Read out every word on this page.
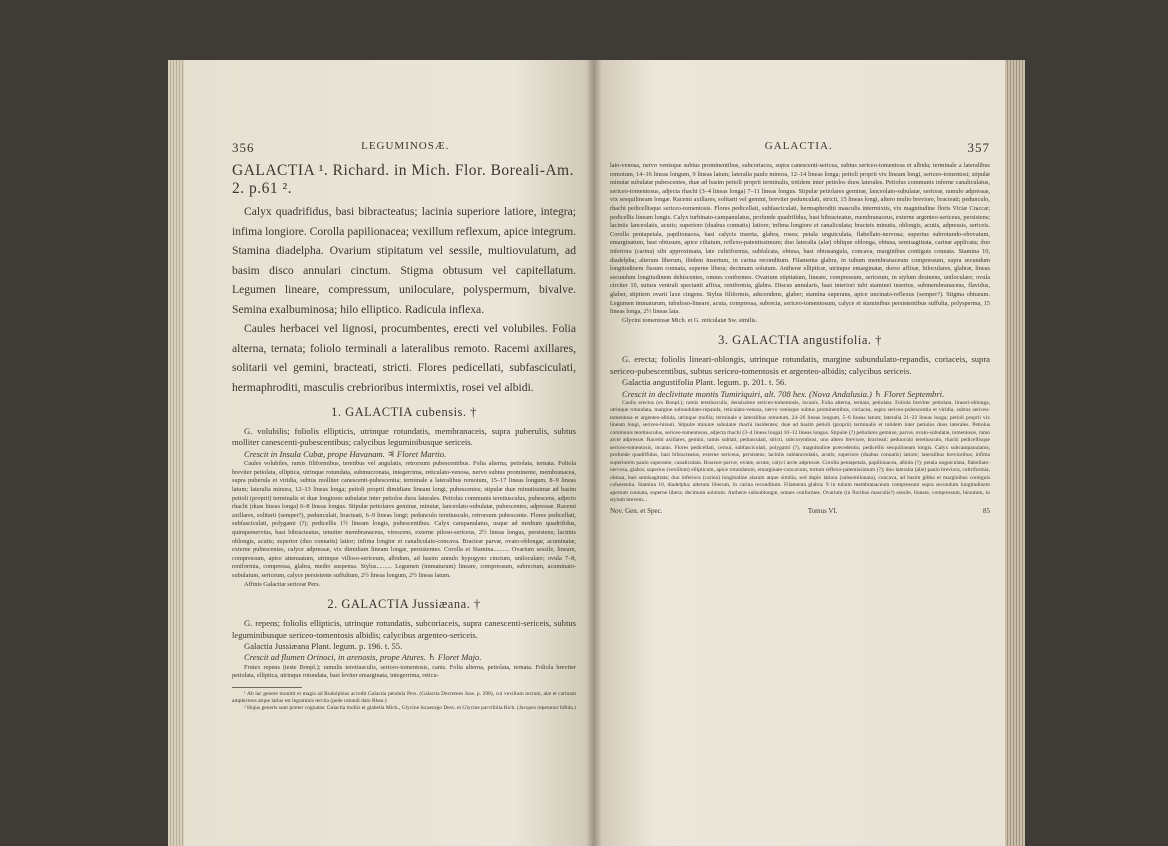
356	LEGUMINOSÆ.
GALACTIA ¹. Richard. in Mich. Flor. Boreali-Am. 2. p.61 ².

Calyx quadrifidus, basi bibracteatus; lacinia superiore latiore, integra; infima longiore. Corolla papilionacea; vexillum reflexum, apice integrum. Stamina diadelpha. Ovarium stipitatum vel sessile, multiovulatum, ad basim disco annulari cinctum. Stigma obtusum vel capitellatum. Legumen lineare, compressum, uniloculare, polyspermum, bivalve. Semina exalbuminosa; hilo elliptico. Radicula inflexa.

Caules herbacei vel lignosi, procumbentes, erecti vel volubiles. Folia alterna, ternata; foliolo terminali a lateralibus remoto. Racemi axillares, solitarii vel gemini, bracteati, stricti. Flores pedicellati, subfasciculati, hermaphroditi, masculis crebrioribus intermixtis, rosei vel albidi.

1. GALACTIA cubensis. †

G. volubilis; foliolis ellipticis, utrinque rotundatis, membranaceis, supra puberulis, subtus molliter canescenti-pubescentibus; calycibus leguminibusque sericeis.

Crescit in Insula Cubæ, prope Havanam. ♃ Floret Martio.

Caules volubiles, ramis filiformibus, teretibus vel angulatis, retrorsum pubescentibus. Folia alterna, petiolata, ternata. Foliola breviter petiolata, elliptica, utrinque rotundata, submucronata, integerrima, reticulato-venosa, nervo subtus prominente, membranacea, supra puberula et viridia, subtus molliter canescenti-pubescentia; terminale a lateralibus remotum, 15–17 lineas longum, 8–9 lineas latum; lateralia minora, 12–13 lineas longa; petioli proprii dimidiam lineam longi, pubescentes; stipulæ duæ minutissimæ ad basim petioli (proprii) terminalis et duæ longiores subulatæ inter petiolos duos laterales. Petiolus communis teretiusculus, pubescens, adjecto rhachi (duas lineas longa) 6–8 lineas longus. Stipulæ petiolares geminæ, minutæ, lanceolato-subulatæ, pubescentes, adpressæ. Racemi axillares, solitarii (semper?), pedunculati, bracteati, 6–9 lineas longi; pedunculo teretiusculo, retrorsum pubescente. Flores pedicellati, subfasciculati, polygami (?); pedicellis 1½ lineam longis, pubescentibus. Calyx campanulatus, usque ad medium quadrifidus, quinquenervius, basi bibracteatus, tenuiter membranaceus, virescens, externe piloso-sericeus, 2½ lineas longus, persistens; laciniis oblongis, acutis; superior (duo connatis) latior; infima longior et canaliculato-concava. Bracteæ parvæ, ovato-oblongæ, acuminatæ, externe pubescentes, calyce adpressæ, vix dimidiam lineam longæ, persistentes. Corolla et Stamina.......... Ovarium sessile, lineare, compressum, apice attenuatum, utrinque villoso-sericeum, albidum, ad basim annulo hypogyno cinctum, uniloculare; ovula 7–8, reniformia, compressa, glabra, medio suspensa. Stylus.......... Legumen (immaturum) lineare, compressum, subrectum, acuminato-subulatum, sericeum, calyce persistente suffultum, 2½ lineas longum, 2½ lineas latum.

Affinis Galactiæ sericeæ Pers.

2. GALACTIA Jussiæana. †

G. repens; foliolis ellipticis, utrinque rotundatis, subcoriaceis, supra canescenti-sericeis, subtus leguminibusque sericeo-tomentosis albidis; calycibus argenteo-sericeis.

Galactia Jussiæana Plant. legum. p. 196. t. 55.

Crescit ad flumen Orinoci, in arenosis, prope Atures. ♄ Floret Majo.

Frutex repens (teste Bonpl.); ramulis teretiusculis, sericeo-tomentosis, canis. Folia alterna, petiolata, ternata. Foliola breviter petiolata, elliptica, utrinque rotundata, basi leviter emarginata, integerrima, reticu-

¹ Ab lac genere monitit et magis ad Rudolphias accedit Galactia pendula Pers. (Galactia Decremes Juss. p. 298), cui vexillum rectum, alæ et carinam amplectens atque latius est leguminis terctia (pede rotundi dato Rhea.)

² Hujus generis sunt præter cognatas: Galactia mollis et glabella Mich., Glycine lucaenrgo Desv. et Glycine parvifolia Rich. (Jacques repetunur bifida.)

GALACTIA.	357

lato-venosa, nervo venisque subtus prominentibus, subcoriacea, supra canescenti-sericea, subtus sericeo-tomentosa et albida; terminale a lateralibus remotum, 14–16 lineas longum, 9 lineas latum; lateralia paulo minora, 12–14 lineas longa; petioli proprii vix lineam longi, sericeo-tomentosi; stipulæ minutæ subulatæ pubescentes, duæ ad basim petioli proprii terminalis, totidem inter petiolos duos laterales. Petiolus communis inferne canaliculatus, sericeo-tomentosus, adjecta rhachi (3–4 lineas longa) 7–11 lineas longus. Stipulæ petiolares geminæ, lanceolato-subulatæ, sericeæ, ramulo adpressæ, vix sesquilineam longæ. Racemi axillares, solitarii vel gemini, breviter pedunculati, stricti, 15 lineas longi, altero multo breviore, bracteati; pedunculo, rhachi pedicellisque sericeo-tomentosis. Flores pedicellati, subfasciculati, hermaphroditi masculis intermixtis, vix magnitudine floris Viciæ Craccæ; pedicellis lineam longis. Calyx turbinato-campanulatus, profunde quadrifidus, basi bibracteatus, membranaceus, externe argenteo-sericeus, persistens; laciniis lanceolatis, acutis; superiore (duabus connatis) latiore; infima longiore et canaliculata; bracteis minutis, oblongis, acutis, adpressis, sericeis. Corolla pentapetala, papilionacea, basi calycis inserta, glabra, rosea; petala unguiculata, flabellato-nervosa; superius subrotundo-obovatum, emarginatum, basi obtusum, apice ciliatum, reflexo-patentissimum; duo lateralia (alæ) oblique oblonga, obtusa, semisagittata, carinæ applicata; duo inferiora (carina) sibi approximata, late cultriformia, subfalcata, obtusa, basi obtusangula, concava, marginibus contiguis connata. Stamina 10, diadelpha; alterum liberum, ibidem insertum, in carina reconditum. Filamenta glabra, in tubum membranaceum compressum, supra secundum longitudinem fissum connata, superne libera; decimum solutum. Antheræ ellipticæ, utrinque emarginatæ, dorso affixæ, biloculares, glabræ, lineas secundum longitudinem dehiscentes, omnes conformes. Ovarium stipitatum, lineare, compressum, sericeum, in stylum desinens, uniloculare; ovula circiter 10, sutura ventrali spectanti affixa, reniformia, glabra. Discus annularis, basi interiori tubi staminei insertus, submembranaceus, flavidus, glaber, stipitem ovarii laxe cingens. Stylus filiformis, adscendens, glaber; stamina superans, apice uncinato-reflexus (semper?). Stigma obtusum. Legumen immaturum, tubuloso-lineare, acuta, compressa, subrecta, sericeo-tomentosum, calyce et staminibus persistentibus suffulta, polysperma, 15 lineas longa, 2½ lineas lata.

Glycini tomentosæ Mich. et G. reticulatæ Sw. similis.

3. GALACTIA angustifolia. †

G. erecta; foliolis lineari-oblongis, utrinque rotundatis, margine subundulato-repandis, coriaceis, supra sericeo-pubescentibus, subtus sericeo-tomentosis et argenteo-albidis; calycibus sericeis.

Galactia angustifolia Plant. legum. p. 201. t. 56.

Crescit in declivitate montis Tumiriquiri, alt. 708 hex. (Nova Andalusia.) ♄ Floret Septembri.

Caulis erectus (ex Bonpl.); ramis teretiusculis, densissime sericeo-tomentosis, incanis. Folia alterna, ternata, petiolata. Foliola breviter petiolata, lineari-oblonga, utrinque rotundata, margine subundulato-repanda, reticulato-venosa, nervo venisque subtus prominentibus, coriacea, supra sericeo-pubescentia et viridia, subtus sericeo-tomentosa et argenteo-albida, utrinque mollia; terminale a lateralibus remotum, 24–26 lineas longum, 5–6 lineas latum; lateralia 21–22 lineas longa; petioli proprii vix lineam longi, sericeo-hirsuti. Stipulæ minutæ subulatæ rhachi insidentes; duæ ad basim petioli (proprii) terminalis et totidem inter petiolos duos laterales. Petiolus communis teretiusculus, sericeo-tomentosus, adjecta rhachi (3–4 lineas longa) 10–12 lineas longus. Stipulæ (?) petiolares geminæ, parvæ, ovato-subulatæ, tomentosæ, ramo arcte adpressæ. Racemi axillares, gemini, ramis sublati, pedunculati, stricti, subcorymbosi, uno altero breviore, bracteati; pedunculo teretiusculo, rhachi pedicellisque sericeo-tomentosis, incanis. Flores pedicellati, cernui, subfasciculati, polygami (?), magnitudine præcedentis; pedicellis sesquilineam longis. Calyx subcampanulatus, profunde quadrifidus, basi bibracteatus, externe sericeus, persistens; laciniis sublanceolatis, acutis; superiore (duabus connatis) latiore; lateralibus brevioribus; infima superiorem paulo superante, canaliculata. Bracteæ parvæ, ovatæ, acutæ, calyci arcte adpressæ. Corolla pentapetala, papilionacea, albida (?); petala unguiculata, flabellato-nervosa, glabra; superius (vexillum) ellipticum, apice rotundatum, emarginato-concavum, tortum reflexo-patentissimum (?); duo lateralia (alæ) paulo breviora, cultriformia, obtusa, basi semisagittata; duo inferiora (carina) longitudine alarum atque similia, sed duplo latiora (subsemilunata), concava, ad basim gibba et marginibus contiguis cohærentia. Stamina 10, diadelpha; alterum liberum, in carina reconditum. Filamenta glabra; 9 in tubum membranaceum compressum supra secundum longitudinem apertum connata, superne libera; decimum solutum. Antheræ subsublongæ, omnes conformes. Ovarium (in floribus masculis?) sessile, lineare, compressum, hirsutum, in stylum brevem...

Nov. Gen. et Spec.	Tomus VI.	85
